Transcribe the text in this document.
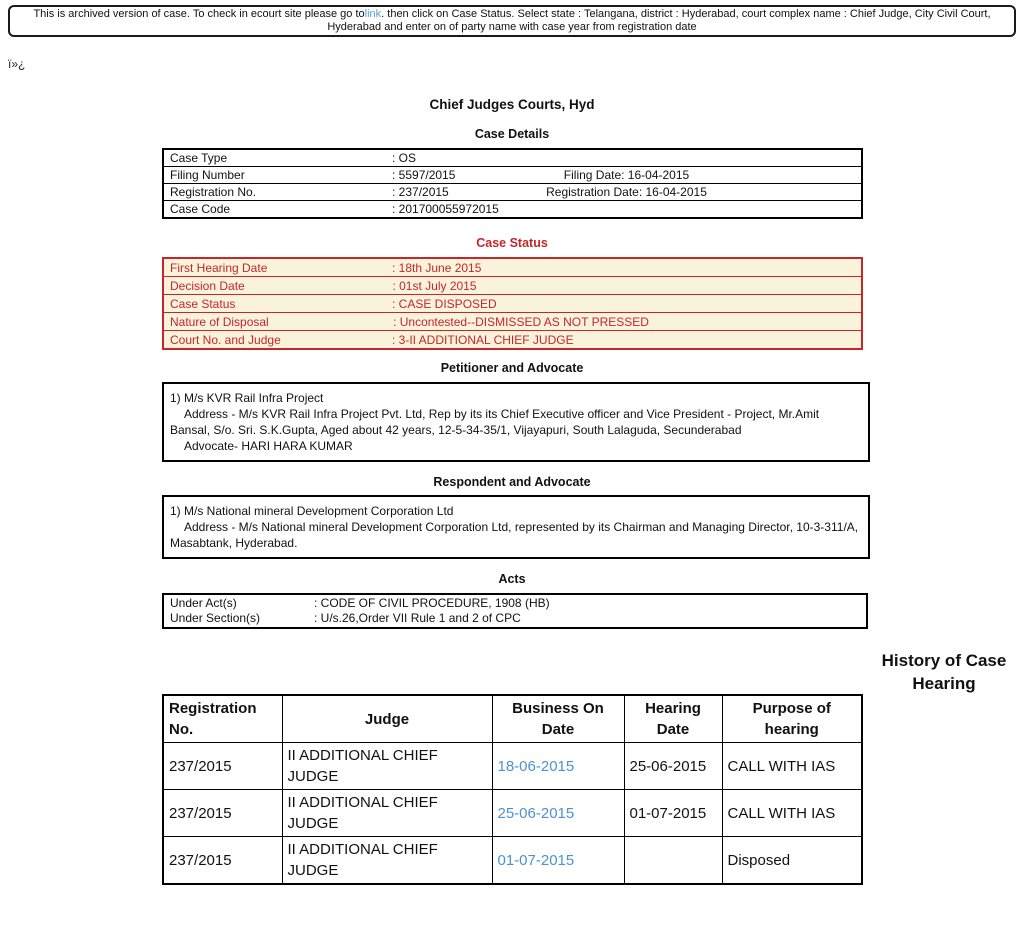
This is archived version of case. To check in ecourt site please go tolink. then click on Case Status. Select state : Telangana, district : Hyderabad, court complex name : Chief Judge, City Civil Court, Hyderabad and enter on of party name with case year from registration date
ï»¿
Chief Judges Courts, Hyd
Case Details
Case Type	: OS
Filing Number	: 5597/2015	Filing Date: 16-04-2015
Registration No.	: 237/2015	Registration Date: 16-04-2015
Case Code	: 201700055972015
Case Status
First Hearing Date	: 18th June 2015
Decision Date	: 01st July 2015
Case Status	: CASE DISPOSED
Nature of Disposal	: Uncontested--DISMISSED AS NOT PRESSED
Court No. and Judge	: 3-II ADDITIONAL CHIEF JUDGE
Petitioner and Advocate
1) M/s KVR Rail Infra Project
Address - M/s KVR Rail Infra Project Pvt. Ltd, Rep by its its Chief Executive officer and Vice President - Project, Mr.Amit Bansal, S/o. Sri. S.K.Gupta, Aged about 42 years, 12-5-34-35/1, Vijayapuri, South Lalaguda, Secunderabad
Advocate- HARI HARA KUMAR
Respondent and Advocate
1) M/s National mineral Development Corporation Ltd
Address - M/s National mineral Development Corporation Ltd, represented by its Chairman and Managing Director, 10-3-311/A, Masabtank, Hyderabad.
Acts
Under Act(s)	: CODE OF CIVIL PROCEDURE, 1908 (HB)
Under Section(s)	: U/s.26,Order VII Rule 1 and 2 of CPC
History of Case Hearing
Registration No.	Judge	Business On Date	Hearing Date	Purpose of hearing
237/2015	II ADDITIONAL CHIEF JUDGE	18-06-2015	25-06-2015	CALL WITH IAS
237/2015	II ADDITIONAL CHIEF JUDGE	25-06-2015	01-07-2015	CALL WITH IAS
237/2015	II ADDITIONAL CHIEF JUDGE	01-07-2015		Disposed
